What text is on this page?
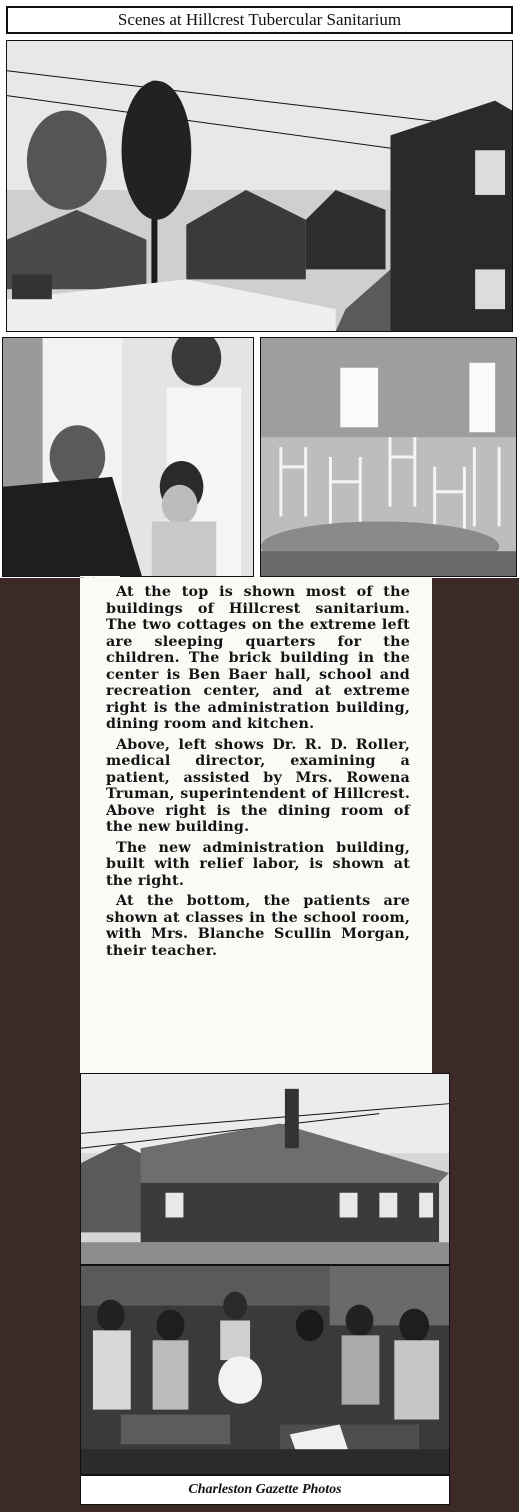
Scenes at Hillcrest Tubercular Sanitarium

At the top is shown most of the buildings of Hillcrest sanitarium. The two cottages on the extreme left are sleeping quarters for the children. The brick building in the center is Ben Baer hall, school and recreation center, and at extreme right is the administration building, dining room and kitchen.

Above, left shows Dr. R. D. Roller, medical director, examining a patient, assisted by Mrs. Rowena Truman, superintendent of Hillcrest. Above right is the dining room of the new building.

The new administration building, built with relief labor, is shown at the right.

At the bottom, the patients are shown at classes in the school room, with Mrs. Blanche Scullin Morgan, their teacher.

Charleston Gazette Photos
